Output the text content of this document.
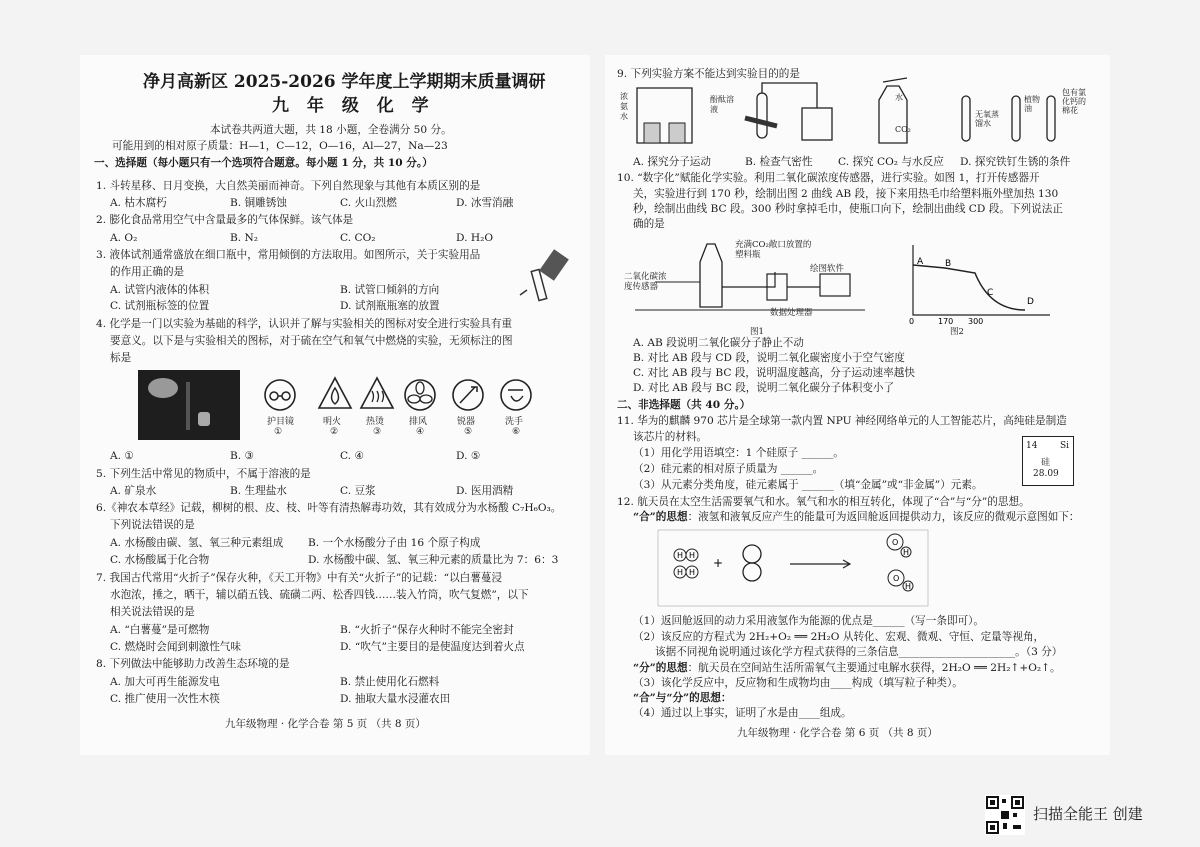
净月高新区 2025-2026 学年度上学期期末质量调研
九 年 级 化 学
本试卷共两道大题，共 18 小题，全卷满分 50 分。
可能用到的相对原子质量：H—1，C—12，O—16，Al—27，Na—23
一、选择题（每小题只有一个选项符合题意。每小题 1 分，共 10 分。）
1. 斗转星移、日月变换，大自然美丽而神奇。下列自然现象与其他有本质区别的是
A. 枯木腐朽	B. 铜雕锈蚀	C. 火山烈燃	D. 冰雪消融
2. 膨化食品常用空气中含量最多的气体保鲜。该气体是
A. O₂	B. N₂	C. CO₂	D. H₂O
3. 液体试剂通常盛放在细口瓶中，常用倾倒的方法取用。如图所示，关于实验用品
的作用正确的是
A. 试管内液体的体积	B. 试管口倾斜的方向
C. 试剂瓶标签的位置	D. 试剂瓶瓶塞的放置
4. 化学是一门以实验为基础的科学，认识并了解与实验相关的图标对安全进行实验具有重
要意义。以下是与实验相关的图标，对于硫在空气和氧气中燃烧的实验，无须标注的图
标是
护目镜	明火	热烫	排风	锐器	洗手
①	②	③	④	⑤	⑥
A. ①	B. ③	C. ④	D. ⑤
5. 下列生活中常见的物质中，不属于溶液的是
A. 矿泉水	B. 生理盐水	C. 豆浆	D. 医用酒精
6.《神农本草经》记载，柳树的根、皮、枝、叶等有清热解毒功效，其有效成分为水杨酸 C₇H₆O₃。
下列说法错误的是
A. 水杨酸由碳、氢、氧三种元素组成 B. 一个水杨酸分子由 16 个原子构成
C. 水杨酸属于化合物	D. 水杨酸中碳、氢、氧三种元素的质量比为 7：6：3
7. 我国古代常用“火折子”保存火种，《天工开物》中有关“火折子”的记载：“以白薯蔓浸
水泡浓，捶之，晒干，辅以硝五钱、硫磺二两、松香四钱……装入竹筒，吹气复燃”，以下
相关说法错误的是
A. “白薯蔓”是可燃物	B. “火折子”保存火种时不能完全密封
C. 燃烧时会闻到刺激性气味	D. “吹气”主要目的是使温度达到着火点
8. 下列做法中能够助力改善生态环境的是
A. 加大可再生能源发电	B. 禁止使用化石燃料
C. 推广使用一次性木筷	D. 抽取大量水浸灌农田
九年级物理 · 化学合卷 第 5 页 （共 8 页）
9. 下列实验方案不能达到实验目的的是
浓氨水
酚酞溶液
水
CO₂
无氧蒸馏水
植物油
包有氯化钙的棉花
A. 探究分子运动	B. 检查气密性 C. 探究 CO₂ 与水反应 D. 探究铁钉生锈的条件
10. “数字化”赋能化学实验。利用二氧化碳浓度传感器，进行实验。如图 1，打开传感器开
关，实验进行到 170 秒，绘制出图 2 曲线 AB 段，接下来用热毛巾给塑料瓶外壁加热 130
秒，绘制出曲线 BC 段。300 秒时拿掉毛巾，使瓶口向下，绘制出曲线 CD 段。下列说法正
确的是
充满CO₂敞口放置的塑料瓶
二氧化碳浓度传感器
绘图软件
数据处理器
图1
A B
C
D
0	170 300
图2
A. AB 段说明二氧化碳分子静止不动
B. 对比 AB 段与 CD 段，说明二氧化碳密度小于空气密度
C. 对比 AB 段与 BC 段，说明温度越高，分子运动速率越快
D. 对比 AB 段与 BC 段，说明二氧化碳分子体积变小了
二、非选择题（共 40 分。）
11. 华为的麒麟 970 芯片是全球第一款内置 NPU 神经网络单元的人工智能芯片，高纯硅是制造
该芯片的材料。
（1）用化学用语填空：1 个硅原子 ______。
（2）硅元素的相对原子质量为 ______。
（3）从元素分类角度，硅元素属于 ______（填“金属”或“非金属”）元素。
14	Si
硅
28.09
12. 航天员在太空生活需要氧气和水。氧气和水的相互转化，体现了“合”与“分”的思想。
“合”的思想：液氢和液氧反应产生的能量可为返回舱返回提供动力，该反应的微观示意图如下：
H H
H H
+
O
H
O
H
（1）返回舱返回的动力采用液氢作为能源的优点是______（写一条即可）。
（2）该反应的方程式为 2H₂+O₂ ══ 2H₂O 从转化、宏观、微观、守恒、定量等视角，
该据不同视角说明通过该化学方程式获得的三条信息______________________。（3 分）
“分”的思想：航天员在空间站生活所需氧气主要通过电解水获得，2H₂O ══ 2H₂↑+O₂↑。
（3）该化学反应中，反应物和生成物均由____构成（填写粒子种类）。
“合”与“分”的思想：
（4）通过以上事实，证明了水是由____组成。
九年级物理 · 化学合卷 第 6 页 （共 8 页）
扫描全能王 创建
